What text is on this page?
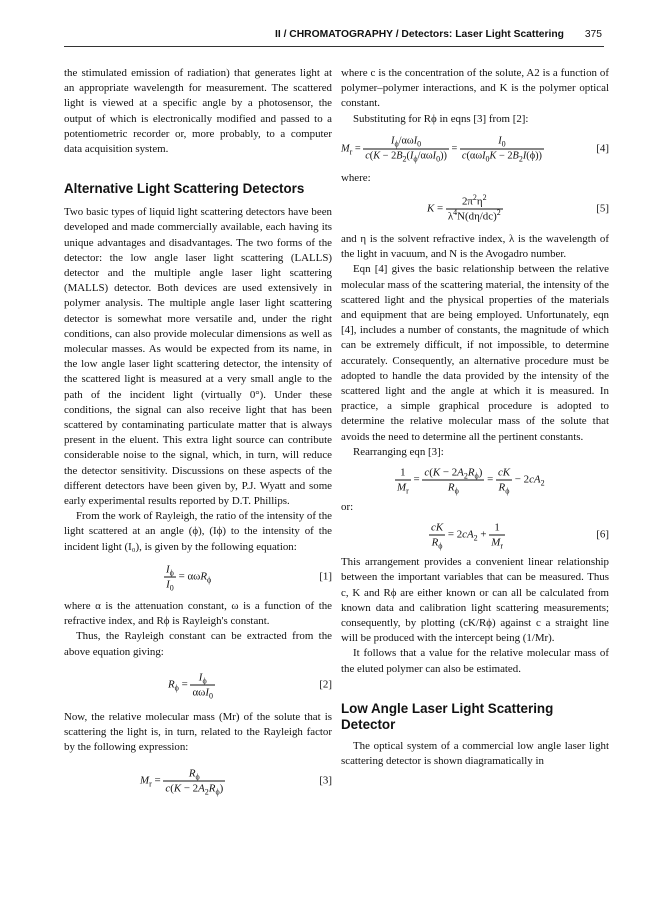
II / CHROMATOGRAPHY / Detectors: Laser Light Scattering 375

the stimulated emission of radiation) that generates light at an appropriate wavelength for measurement. The scattered light is viewed at a specific angle by a photosensor, the output of which is electronically modified and passed to a potentiometric recorder or, more probably, to a computer data acquisition system.

Alternative Light Scattering Detectors

Two basic types of liquid light scattering detectors have been developed and made commercially available, each having its unique advantages and disadvantages. The two forms of the detector: the low angle laser light scattering (LALLS) detector and the multiple angle laser light scattering (MALLS) detector. Both devices are used extensively in polymer analysis. The multiple angle laser light scattering detector is somewhat more versatile and, under the right conditions, can also provide molecular dimensions as well as molecular masses. As would be expected from its name, in the low angle laser light scattering detector, the intensity of the scattered light is measured at a very small angle to the path of the incident light (virtually 0°). Under these conditions, the signal can also receive light that has been scattered by contaminating particulate matter that is always present in the eluent. This extra light source can contribute considerable noise to the signal, which, in turn, will reduce the detector sensitivity. Discussions on these aspects of the different detectors have been given by, P.J. Wyatt and some early experimental results reported by D.T. Phillips.

From the work of Rayleigh, the ratio of the intensity of the light scattered at an angle (ϕ), (Iϕ) to the intensity of the incident light (I₀), is given by the following equation:

$\frac{I_\phi}{I_0} = \alpha\omega R_\phi$	[1]

where α is the attenuation constant, ω is a function of the refractive index, and Rϕ is Rayleigh's constant.

Thus, the Rayleigh constant can be extracted from the above equation giving:

$R_\phi = \frac{I_\phi}{\alpha\omega I_0}$	[2]

Now, the relative molecular mass (Mr) of the solute that is scattering the light is, in turn, related to the Rayleigh factor by the following expression:

$M_r = \frac{R_\phi}{c(K - 2A_2R_\phi)}$	[3]

where c is the concentration of the solute, A2 is a function of polymer–polymer interactions, and K is the polymer optical constant.

Substituting for Rϕ in eqns [3] from [2]:

$M_r = \frac{I_\phi/\alpha\omega I_0}{c(K - 2B_2(I_\phi/\alpha\omega I_0))} = \frac{I_0}{c(\alpha\omega I_0K - 2B_2I(\phi))}$	[4]

where:

$K = \frac{2\pi^2\eta^2}{\lambda^4N(d\eta/dc)^2}$	[5]

and η is the solvent refractive index, λ is the wavelength of the light in vacuum, and N is the Avogadro number.

Eqn [4] gives the basic relationship between the relative molecular mass of the scattering material, the intensity of the scattered light and the physical properties of the materials and equipment that are being employed. Unfortunately, eqn [4], includes a number of constants, the magnitude of which can be extremely difficult, if not impossible, to determine accurately. Consequently, an alternative procedure must be adopted to handle the data provided by the intensity of the scattered light and the angle at which it is measured. In practice, a simple graphical procedure is adopted to determine the relative molecular mass of the solute that avoids the need to determine all the pertinent constants.

Rearranging eqn [3]:

$\frac{1}{M_r} = \frac{c(K - 2A_2R_\phi)}{R_\phi} = \frac{cK}{R_\phi} - 2cA_2$

or:

$\frac{cK}{R_\phi} = 2cA_2 + \frac{1}{M_r}$	[6]

This arrangement provides a convenient linear relationship between the important variables that can be measured. Thus c, K and Rϕ are either known or can all be calculated from known data and calibration light scattering measurements; consequently, by plotting (cK/Rϕ) against c a straight line will be produced with the intercept being (1/Mr).

It follows that a value for the relative molecular mass of the eluted polymer can also be estimated.

Low Angle Laser Light Scattering Detector

The optical system of a commercial low angle laser light scattering detector is shown diagramatically in
